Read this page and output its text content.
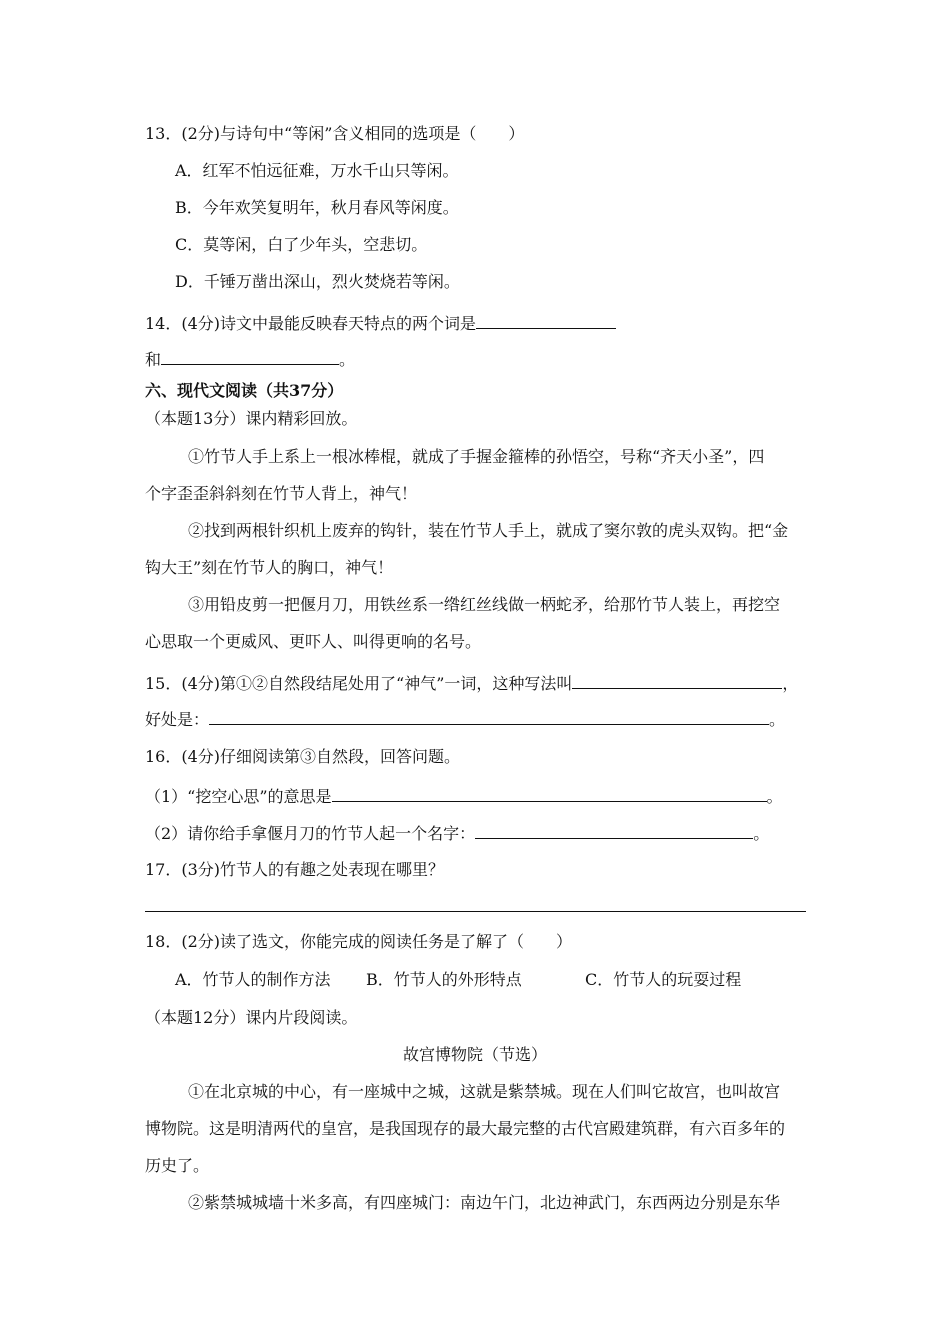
13．(2分)与诗句中“等闲”含义相同的选项是（　　）
A．红军不怕远征难，万水千山只等闲。
B．今年欢笑复明年，秋月春风等闲度。
C．莫等闲，白了少年头，空悲切。
D．千锤万凿出深山，烈火焚烧若等闲。
14．(4分)诗文中最能反映春天特点的两个词是
和	。
六、现代文阅读（共37分）
（本题13分）课内精彩回放。
①竹节人手上系上一根冰棒棍，就成了手握金箍棒的孙悟空，号称“齐天小圣”，四
个字歪歪斜斜刻在竹节人背上，神气！
②找到两根针织机上废弃的钩针，装在竹节人手上，就成了窦尔敦的虎头双钩。把“金
钩大王”刻在竹节人的胸口，神气！
③用铅皮剪一把偃月刀，用铁丝系一绺红丝线做一柄蛇矛，给那竹节人装上，再挖空
心思取一个更威风、更吓人、叫得更响的名号。
15．(4分)第①②自然段结尾处用了“神气”一词，这种写法叫	，
好处是：	。
16．(4分)仔细阅读第③自然段，回答问题。
（1）“挖空心思”的意思是	。
（2）请你给手拿偃月刀的竹节人起一个名字：	。
17．(3分)竹节人的有趣之处表现在哪里？
18．(2分)读了选文，你能完成的阅读任务是了解了（　　）
A．竹节人的制作方法 B．竹节人的外形特点	C．竹节人的玩耍过程
（本题12分）课内片段阅读。
故宫博物院（节选）
①在北京城的中心，有一座城中之城，这就是紫禁城。现在人们叫它故宫，也叫故宫
博物院。这是明清两代的皇宫，是我国现存的最大最完整的古代宫殿建筑群，有六百多年的
历史了。
②紫禁城城墙十米多高，有四座城门：南边午门，北边神武门，东西两边分别是东华
